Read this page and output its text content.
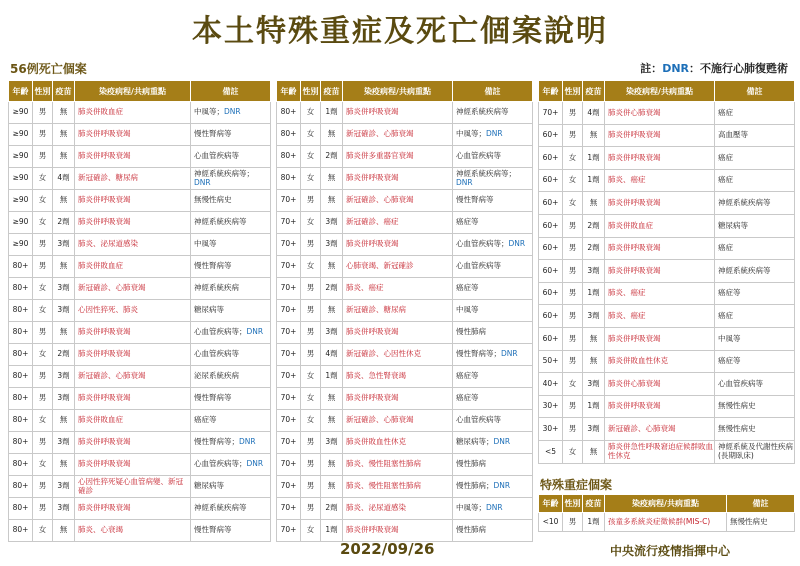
本土特殊重症及死亡個案說明
56例死亡個案	註：DNR：不施行心肺復甦術
年齡	性別	疫苗	染疫病程/共病重點	備註
≥90	男	無	肺炎併敗血症	中風等；DNR
≥90	男	無	肺炎併呼吸衰竭	慢性腎病等
≥90	男	無	肺炎併呼吸衰竭	心血管疾病等
≥90	女	4劑	新冠確診、糖尿病	神經系統疾病等；DNR
≥90	女	無	肺炎併呼吸衰竭	無慢性病史
≥90	女	2劑	肺炎併呼吸衰竭	神經系統疾病等
≥90	男	3劑	肺炎、泌尿道感染	中風等
80+	男	無	肺炎併敗血症	慢性腎病等
80+	女	3劑	新冠確診、心肺衰竭	神經系統疾病
80+	女	3劑	心因性猝死、肺炎	糖尿病等
80+	男	無	肺炎併呼吸衰竭	心血管疾病等；DNR
80+	女	2劑	肺炎併呼吸衰竭	心血管疾病等
80+	男	3劑	新冠確診、心肺衰竭	泌尿系統疾病
80+	男	3劑	肺炎併呼吸衰竭	慢性腎病等
80+	女	無	肺炎併敗血症	癌症等
80+	男	3劑	肺炎併呼吸衰竭	慢性腎病等；DNR
80+	女	無	肺炎併呼吸衰竭	心血管疾病等；DNR
80+	男	3劑	心因性猝死疑心血管病變、新冠確診	糖尿病等
80+	男	3劑	肺炎併呼吸衰竭	神經系統疾病等
80+	女	無	肺炎、心衰竭	慢性腎病等
年齡	性別	疫苗	染疫病程/共病重點	備註
80+	女	1劑	肺炎併呼吸衰竭	神經系統疾病等
80+	女	無	新冠確診、心肺衰竭	中風等；DNR
80+	女	2劑	肺炎併多重器官衰竭	心血管疾病等
80+	女	無	肺炎併呼吸衰竭	神經系統疾病等；DNR
70+	男	無	新冠確診、心肺衰竭	慢性腎病等
70+	女	3劑	新冠確診、癌症	癌症等
70+	男	3劑	肺炎併呼吸衰竭	心血管疾病等；DNR
70+	女	無	心肺衰竭、新冠確診	心血管疾病等
70+	男	2劑	肺炎、癌症	癌症等
70+	男	無	新冠確診、糖尿病	中風等
70+	男	3劑	肺炎併呼吸衰竭	慢性肺病
70+	男	4劑	新冠確診、心因性休克	慢性腎病等；DNR
70+	女	1劑	肺炎、急性腎衰竭	癌症等
70+	女	無	肺炎併呼吸衰竭	癌症等
70+	女	無	新冠確診、心肺衰竭	心血管疾病等
70+	男	3劑	肺炎併敗血性休克	糖尿病等；DNR
70+	男	無	肺炎、慢性阻塞性肺病	慢性肺病
70+	男	無	肺炎、慢性阻塞性肺病	慢性肺病；DNR
70+	男	2劑	肺炎、泌尿道感染	中風等；DNR
70+	女	1劑	肺炎併呼吸衰竭	慢性肺病
年齡	性別	疫苗	染疫病程/共病重點	備註
70+	男	4劑	肺炎併心肺衰竭	癌症
60+	男	無	肺炎併呼吸衰竭	高血壓等
60+	女	1劑	肺炎併呼吸衰竭	癌症
60+	女	1劑	肺炎、癌症	癌症
60+	女	無	肺炎併呼吸衰竭	神經系統疾病等
60+	男	2劑	肺炎併敗血症	糖尿病等
60+	男	2劑	肺炎併呼吸衰竭	癌症
60+	男	3劑	肺炎併呼吸衰竭	神經系統疾病等
60+	男	1劑	肺炎、癌症	癌症等
60+	男	3劑	肺炎、癌症	癌症
60+	男	無	肺炎併呼吸衰竭	中風等
50+	男	無	肺炎併敗血性休克	癌症等
40+	女	3劑	肺炎併心肺衰竭	心血管疾病等
30+	男	1劑	肺炎併呼吸衰竭	無慢性病史
30+	男	3劑	新冠確診、心肺衰竭	無慢性病史
<5	女	無	肺炎併急性呼吸窘迫症候群敗血性休克	神經系統及代謝性疾病(長期臥床)
特殊重症個案
年齡	性別	疫苗	染疫病程/共病重點	備註
<10	男	1劑	孩童多系統炎症徵候群(MIS-C)	無慢性病史
2022/09/26	中央流行疫情指揮中心
